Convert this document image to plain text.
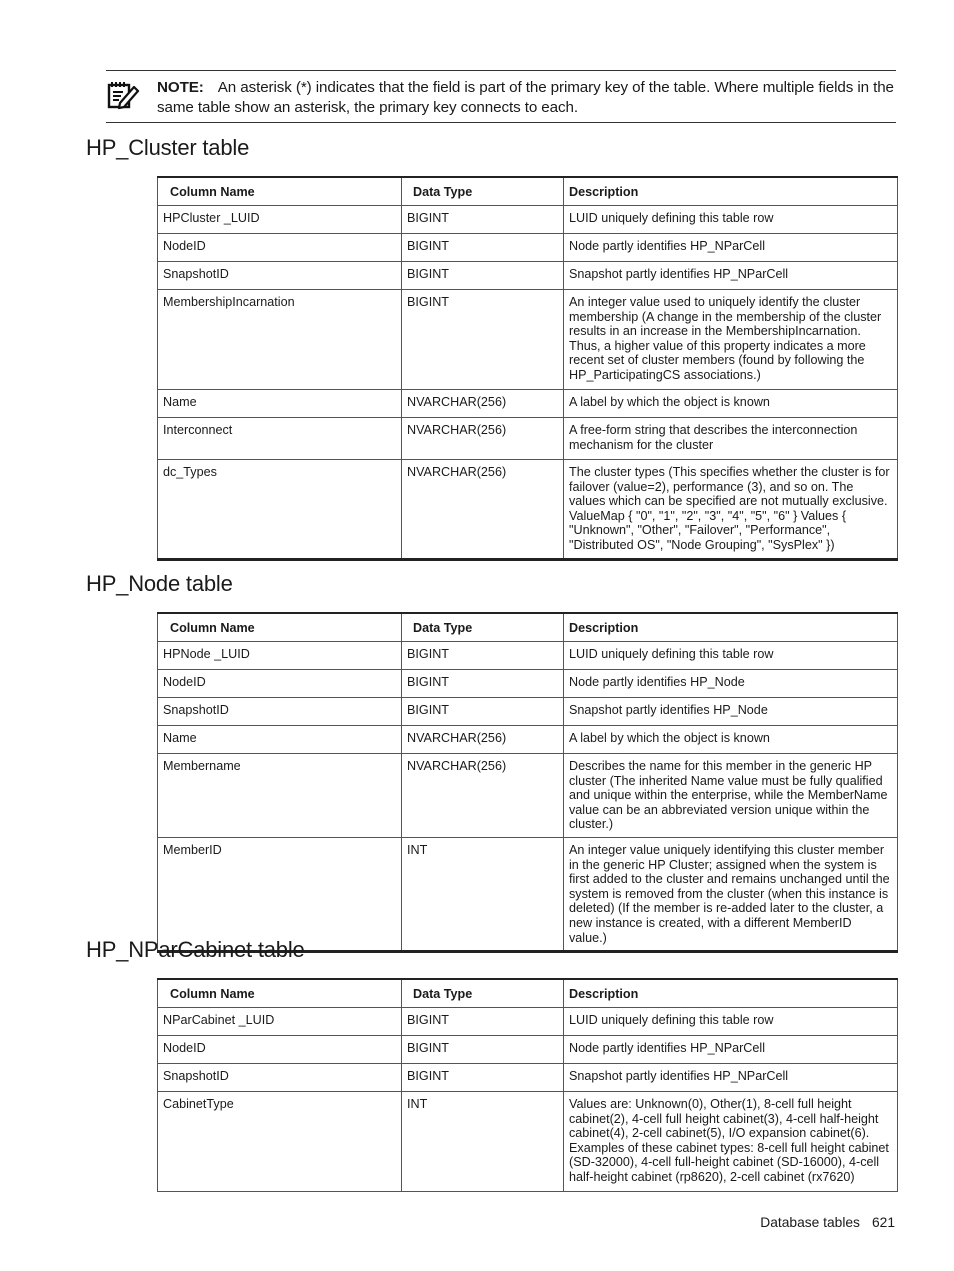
NOTE: An asterisk (*) indicates that the field is part of the primary key of the table. Where multiple fields in the same table show an asterisk, the primary key connects to each.
HP_Cluster table
Column Name	Data Type	Description
HPCluster _LUID	BIGINT	LUID uniquely defining this table row
NodeID	BIGINT	Node partly identifies HP_NParCell
SnapshotID	BIGINT	Snapshot partly identifies HP_NParCell
MembershipIncarnation	BIGINT	An integer value used to uniquely identify the cluster membership (A change in the membership of the cluster results in an increase in the MembershipIncarnation. Thus, a higher value of this property indicates a more recent set of cluster members (found by following the HP_ParticipatingCS associations.)
Name	NVARCHAR(256)	A label by which the object is known
Interconnect	NVARCHAR(256)	A free-form string that describes the interconnection mechanism for the cluster
dc_Types	NVARCHAR(256)	The cluster types (This specifies whether the cluster is for failover (value=2), performance (3), and so on. The values which can be specified are not mutually exclusive. ValueMap { "0", "1", "2", "3", "4", "5", "6" } Values { "Unknown", "Other", "Failover", "Performance", "Distributed OS", "Node Grouping", "SysPlex" })
HP_Node table
Column Name	Data Type	Description
HPNode _LUID	BIGINT	LUID uniquely defining this table row
NodeID	BIGINT	Node partly identifies HP_Node
SnapshotID	BIGINT	Snapshot partly identifies HP_Node
Name	NVARCHAR(256)	A label by which the object is known
Membername	NVARCHAR(256)	Describes the name for this member in the generic HP cluster (The inherited Name value must be fully qualified and unique within the enterprise, while the MemberName value can be an abbreviated version unique within the cluster.)
MemberID	INT	An integer value uniquely identifying this cluster member in the generic HP Cluster; assigned when the system is first added to the cluster and remains unchanged until the system is removed from the cluster (when this instance is deleted) (If the member is re-added later to the cluster, a new instance is created, with a different MemberID value.)
HP_NParCabinet table
Column Name	Data Type	Description
NParCabinet _LUID	BIGINT	LUID uniquely defining this table row
NodeID	BIGINT	Node partly identifies HP_NParCell
SnapshotID	BIGINT	Snapshot partly identifies HP_NParCell
CabinetType	INT	Values are: Unknown(0), Other(1), 8-cell full height cabinet(2), 4-cell full height cabinet(3), 4-cell half-height cabinet(4), 2-cell cabinet(5), I/O expansion cabinet(6). Examples of these cabinet types: 8-cell full height cabinet (SD-32000), 4-cell full-height cabinet (SD-16000), 4-cell half-height cabinet (rp8620), 2-cell cabinet (rx7620)
Database tables 621
